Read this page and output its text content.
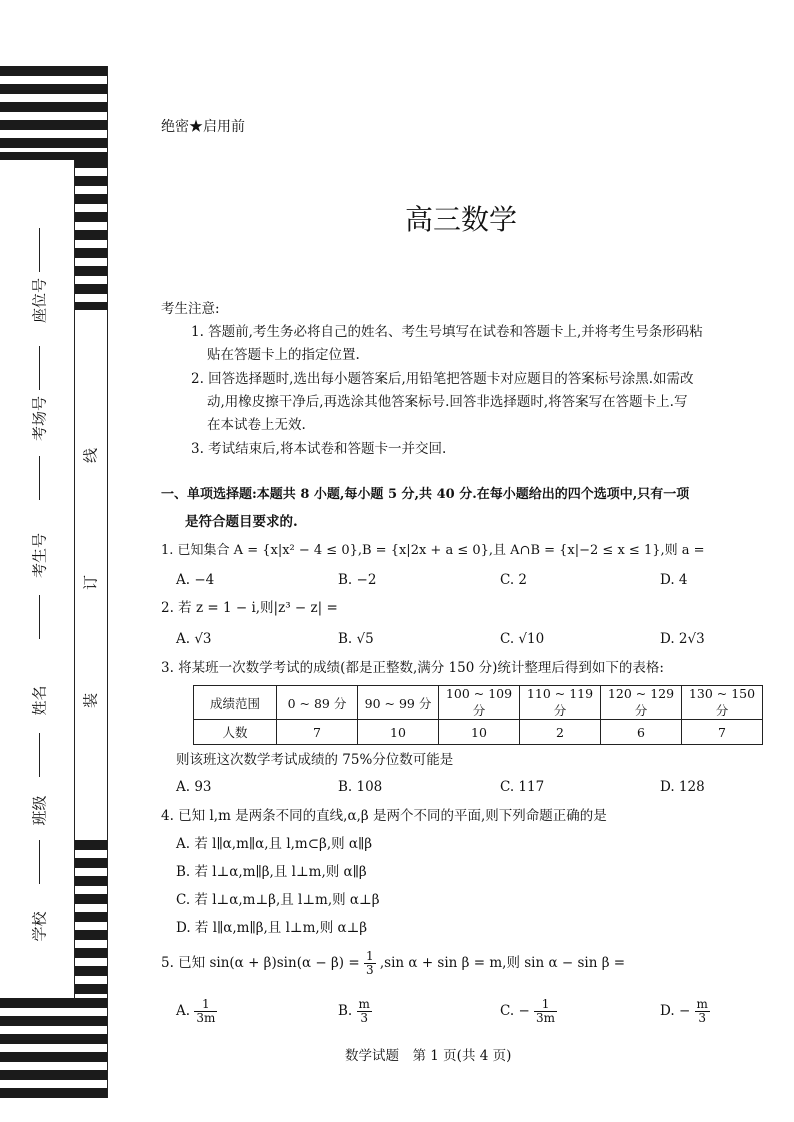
座位号
考场号
考生号
姓名
班级
学校
线
订
装
绝密★启用前
高三数学
考生注意:
1. 答题前,考生务必将自己的姓名、考生号填写在试卷和答题卡上,并将考生号条形码粘
贴在答题卡上的指定位置.
2. 回答选择题时,选出每小题答案后,用铅笔把答题卡对应题目的答案标号涂黑.如需改
动,用橡皮擦干净后,再选涂其他答案标号.回答非选择题时,将答案写在答题卡上.写
在本试卷上无效.
3. 考试结束后,将本试卷和答题卡一并交回.
一、单项选择题:本题共 8 小题,每小题 5 分,共 40 分.在每小题给出的四个选项中,只有一项
是符合题目要求的.
1. 已知集合 A = {x|x² − 4 ≤ 0},B = {x|2x + a ≤ 0},且 A∩B = {x|−2 ≤ x ≤ 1},则 a =
A. −4	B. −2	C. 2	D. 4
2. 若 z = 1 − i,则|z³ − z| =
A. √3	B. √5	C. √10	D. 2√3
3. 将某班一次数学考试的成绩(都是正整数,满分 150 分)统计整理后得到如下的表格:
成绩范围	0 ~ 89 分	90 ~ 99 分	100 ~ 109 分	110 ~ 119 分	120 ~ 129 分	130 ~ 150 分
人数	7	10	10	2	6	7
则该班这次数学考试成绩的 75%分位数可能是
A. 93	B. 108	C. 117	D. 128
4. 已知 l,m 是两条不同的直线,α,β 是两个不同的平面,则下列命题正确的是
A. 若 l∥α,m∥α,且 l,m⊂β,则 α∥β
B. 若 l⊥α,m∥β,且 l⊥m,则 α∥β
C. 若 l⊥α,m⊥β,且 l⊥m,则 α⊥β
D. 若 l∥α,m∥β,且 l⊥m,则 α⊥β
5. 已知 $\sin(\alpha + \beta)\sin(\alpha - \beta) = \frac{1}{3} ,\sin$ α + sin β = m,则 sin α − sin β =
A. $\frac{1}{3m}$	B. $\frac{m}{3}$	C. − $\frac{1}{3m}$	D. − $\frac{m}{3}$
数学试题　第 1 页(共 4 页)
